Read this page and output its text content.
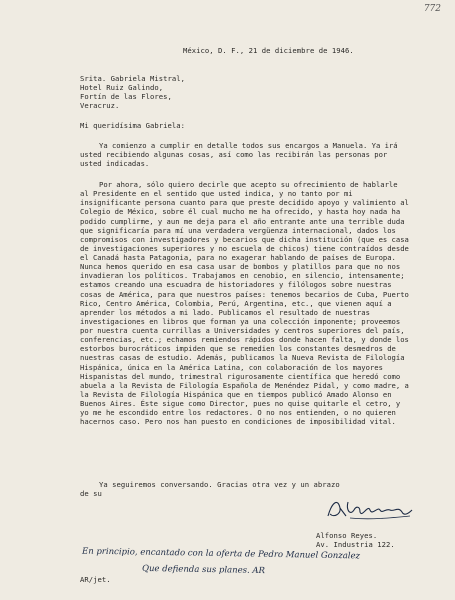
772
México, D. F., 21 de diciembre de 1946.
Srita. Gabriela Mistral,
Hotel Ruiz Galindo,
Fortín de las Flores,
Veracruz.
Mi queridísima Gabriela:
Ya comienzo a cumplir en detalle todos sus encargos a Manuela. Ya irá usted recibiendo algunas cosas, así como las recibirán las personas por usted indicadas.
Por ahora, sólo quiero decirle que acepto su ofrecimiento de hablarle al Presidente en el sentido que usted indica, y no tanto por mi insignificante persona cuanto para que preste decidido apoyo y valimiento al Colegio de México, sobre él cual mucho me ha ofrecido, y hasta hoy nada ha podido cumplirme, y aun me deja para el año entrante ante una terrible duda que significaría para mí una verdadera vergüenza internacional, dados los compromisos con investigadores y becarios que dicha institución (que es casa de investigaciones superiores y no escuela de chicos) tiene contraídos desde el Canadá hasta Patagonia, para no exagerar hablando de países de Europa. Nunca hemos querido en esa casa usar de bombos y platillos para que no nos invadieran los políticos. Trabajamos en cenobio, en silencio, intensamente; estamos creando una escuadra de historiadores y filólogos sobre nuestras cosas de América, para que nuestros países: tenemos becarios de Cuba, Puerto Rico, Centro América, Colombia, Perú, Argentina, etc., que vienen aquí a aprender los métodos a mi lado. Publicamos el resultado de nuestras investigaciones en libros que forman ya una colección imponente; proveemos por nuestra cuenta currillas a Universidades y centros superiores del país, conferencias, etc.; echamos remiendos rápidos donde hacen falta, y donde los estorbos burocráticos impiden que se remedien los constantes desmedros de nuestras casas de estudio. Además, publicamos la Nueva Revista de Filología Hispánica, única en la América Latina, con colaboración de los mayores Hispanistas del mundo, trimestral rigurosamente científica que heredó como abuela a la Revista de Filología Española de Menéndez Pidal, y como madre, a la Revista de Filología Hispánica que en tiempos publicó Amado Alonso en Buenos Aires. Éste sigue como Director, pues no quise quitarle el cetro, y yo me he escondido entre los redactores. O no nos entienden, o no quieren hacernos caso. Pero nos han puesto en condiciones de imposibilidad vital.
Ya seguiremos conversando. Gracias otra vez y un abrazo
de su
Alfonso Reyes.
Av. Industria 122.
En principio, encantado con la oferta de Pedro Manuel Gonzalez
Que defienda sus planes. AR
AR/jet.
